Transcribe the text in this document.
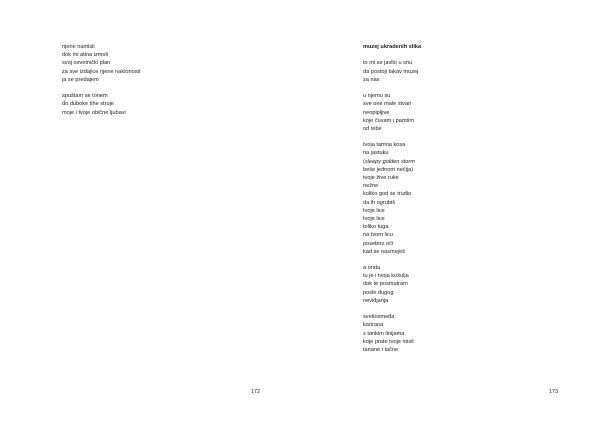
njene namisli
dok mi atina izmoli
svoj osvetnički plan
za sve izdajice njene naklonosti
ja se predajem
spuštam se tonem
do dubokе tihe struje
moje i tvoje obične ljubavi
172
muzej ukradenih slika
to mi se javilo u snu
da postoji takav muzej
za nas
u njemu su
sve one male stvari
neopipljive
koje čuvam i pamtim
od tebe
tvoja tamna kosa
na jastuku
(sleepy golden storm
beše jednom nečija)
tvoje živе ruke
nežne
koliko god se trudio
da ih ogrubiš
tvoje lice
tvoje lice
toliko tuga
na tvom licu
posebno oči
kad se nasmeješ
a onda
tu je i tvoja košulja
dok te posmatram
posle dugog
nevidjanja
svetlosmeđa
karirana
s tankim linijama
koje prate tvoje misli
tanane i tačne
173
